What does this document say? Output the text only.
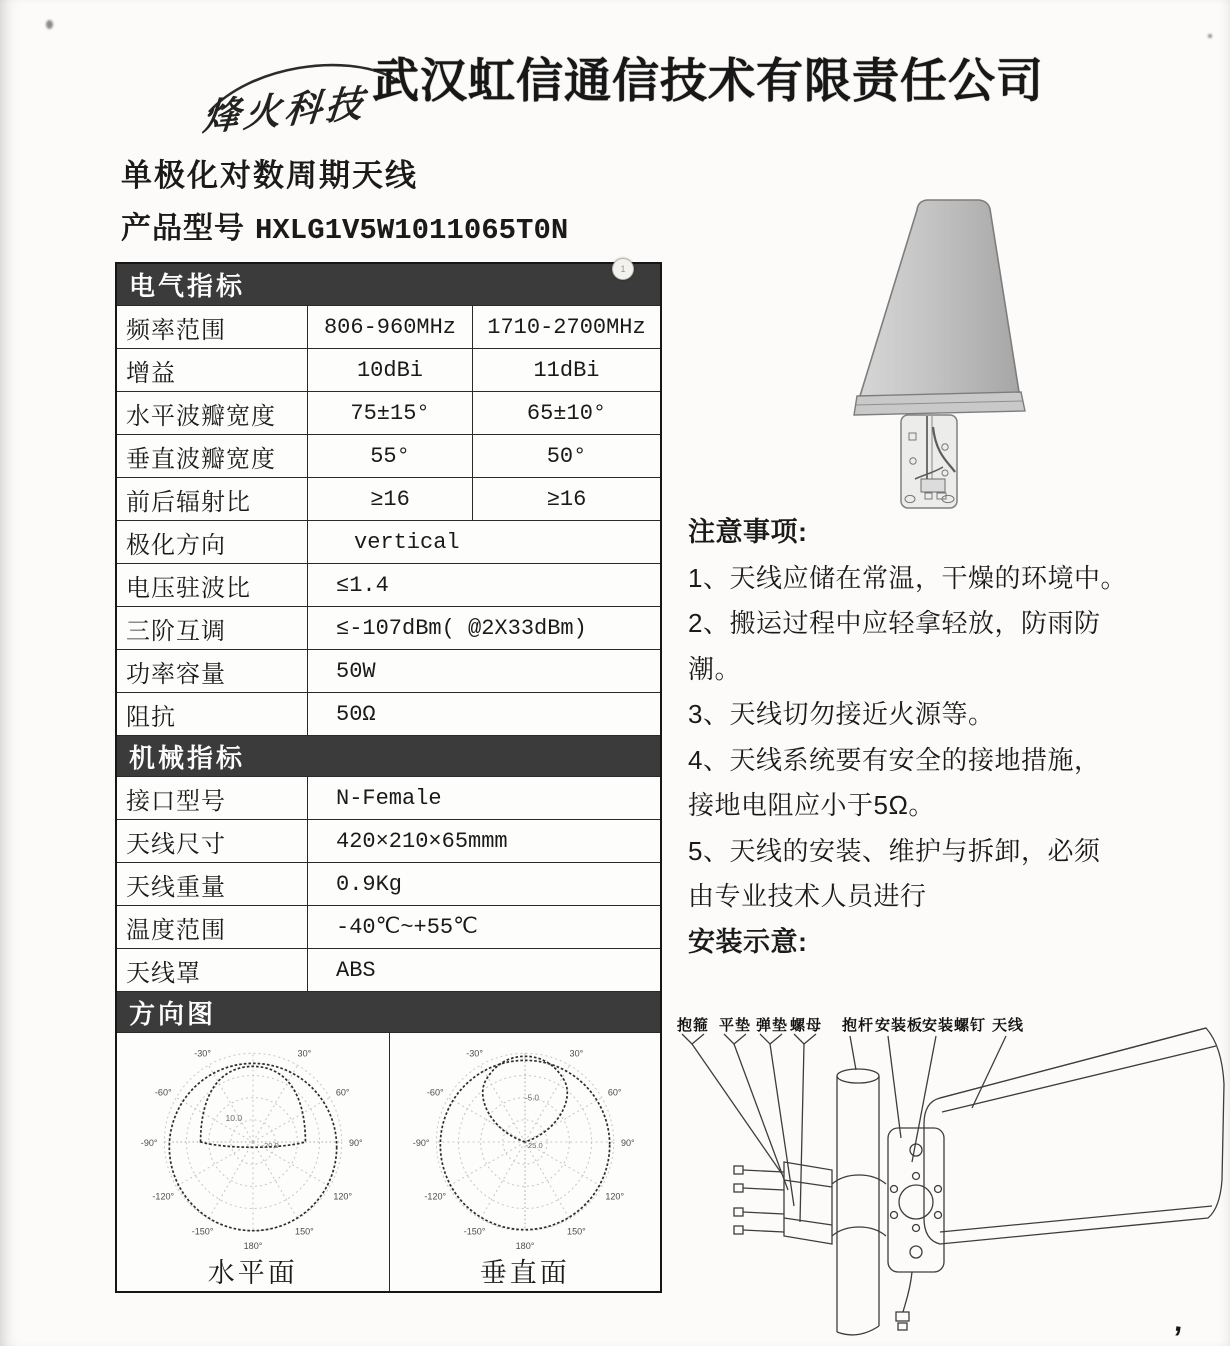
烽火科技
武汉虹信通信技术有限责任公司
单极化对数周期天线
产品型号 HXLG1V5W1011065T0N
电气指标
频率范围	806-960MHz	1710-2700MHz
增益	10dBi	11dBi
水平波瓣宽度	75±15°	65±10°
垂直波瓣宽度	55°	50°
前后辐射比	≥16	≥16
极化方向	vertical
电压驻波比	≤1.4
三阶互调	≤-107dBm( @2X33dBm)
功率容量	50W
阻抗	50Ω
机械指标
接口型号	N-Female
天线尺寸	420×210×65mmm
天线重量	0.9Kg
温度范围	-40℃~+55℃
天线罩	ABS
方向图
-30°	30°
-60°	60°
-90°	90°
-120°	120°
-150°	150°
180°
10.0
-20.0
水平面
-30°	30°
-60°	60°
-90°	90°
-120°	120°
-150°	150°
180°
-5.0
-25.0
垂直面
注意事项:
1、天线应储在常温，干燥的环境中。
2、搬运过程中应轻拿轻放，防雨防
潮。
3、天线切勿接近火源等。
4、天线系统要有安全的接地措施，
接地电阻应小于5Ω。
5、天线的安装、维护与拆卸，必须
由专业技术人员进行
安装示意:
抱箍 平垫 弹垫 螺母 抱杆 安装板
安装螺钉 天线
1
,
